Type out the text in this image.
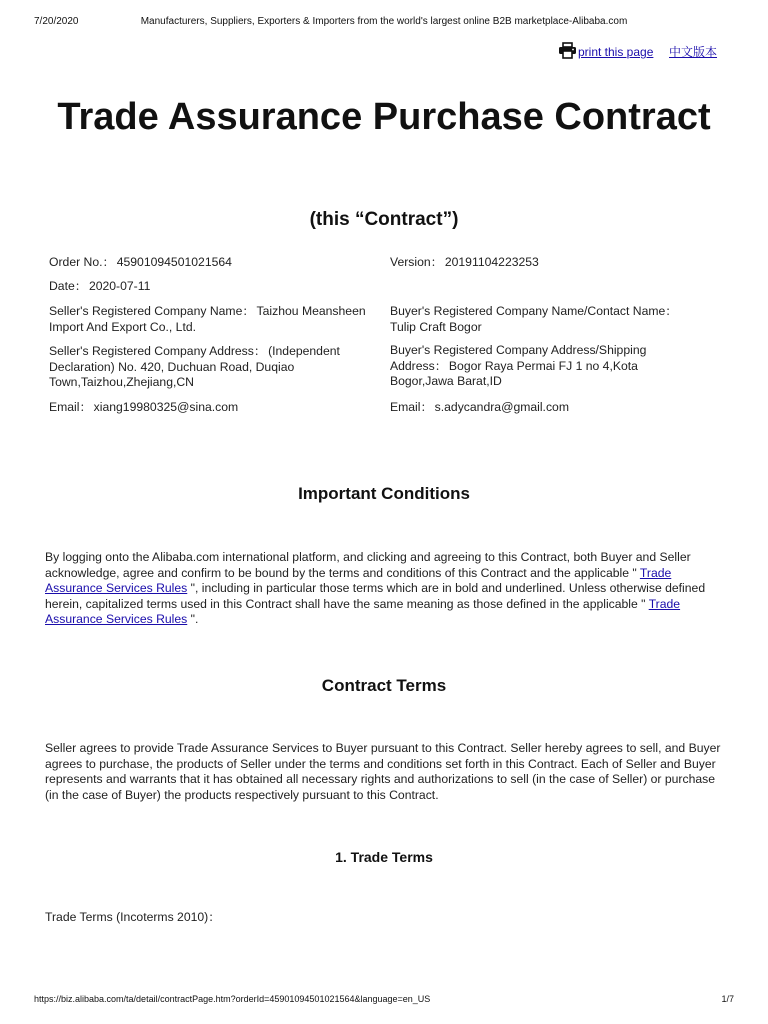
7/20/2020	Manufacturers, Suppliers, Exporters & Importers from the world's largest online B2B marketplace-Alibaba.com
print this page 中文版本
Trade Assurance Purchase Contract
(this “Contract”)
Order No.： 45901094501021564	Version： 20191104223253
Date： 2020-07-11
Seller's Registered Company Name： Taizhou Meansheen Import And Export Co., Ltd.
Buyer's Registered Company Name/Contact Name：
Tulip Craft Bogor
Seller's Registered Company Address： (Independent Declaration) No. 420, Duchuan Road, Duqiao Town,Taizhou,Zhejiang,CN
Buyer's Registered Company Address/Shipping Address： Bogor Raya Permai FJ 1 no 4,Kota Bogor,Jawa Barat,ID
Email： xiang19980325@sina.com	Email： s.adycandra@gmail.com
Important Conditions
By logging onto the Alibaba.com international platform, and clicking and agreeing to this Contract, both Buyer and Seller acknowledge, agree and confirm to be bound by the terms and conditions of this Contract and the applicable " Trade Assurance Services Rules ", including in particular those terms which are in bold and underlined. Unless otherwise defined herein, capitalized terms used in this Contract shall have the same meaning as those defined in the applicable " Trade Assurance Services Rules ".
Contract Terms
Seller agrees to provide Trade Assurance Services to Buyer pursuant to this Contract. Seller hereby agrees to sell, and Buyer agrees to purchase, the products of Seller under the terms and conditions set forth in this Contract. Each of Seller and Buyer represents and warrants that it has obtained all necessary rights and authorizations to sell (in the case of Seller) or purchase (in the case of Buyer) the products respectively pursuant to this Contract.
1. Trade Terms
Trade Terms (Incoterms 2010)：
https://biz.alibaba.com/ta/detail/contractPage.htm?orderId=45901094501021564&language=en_US	1/7
